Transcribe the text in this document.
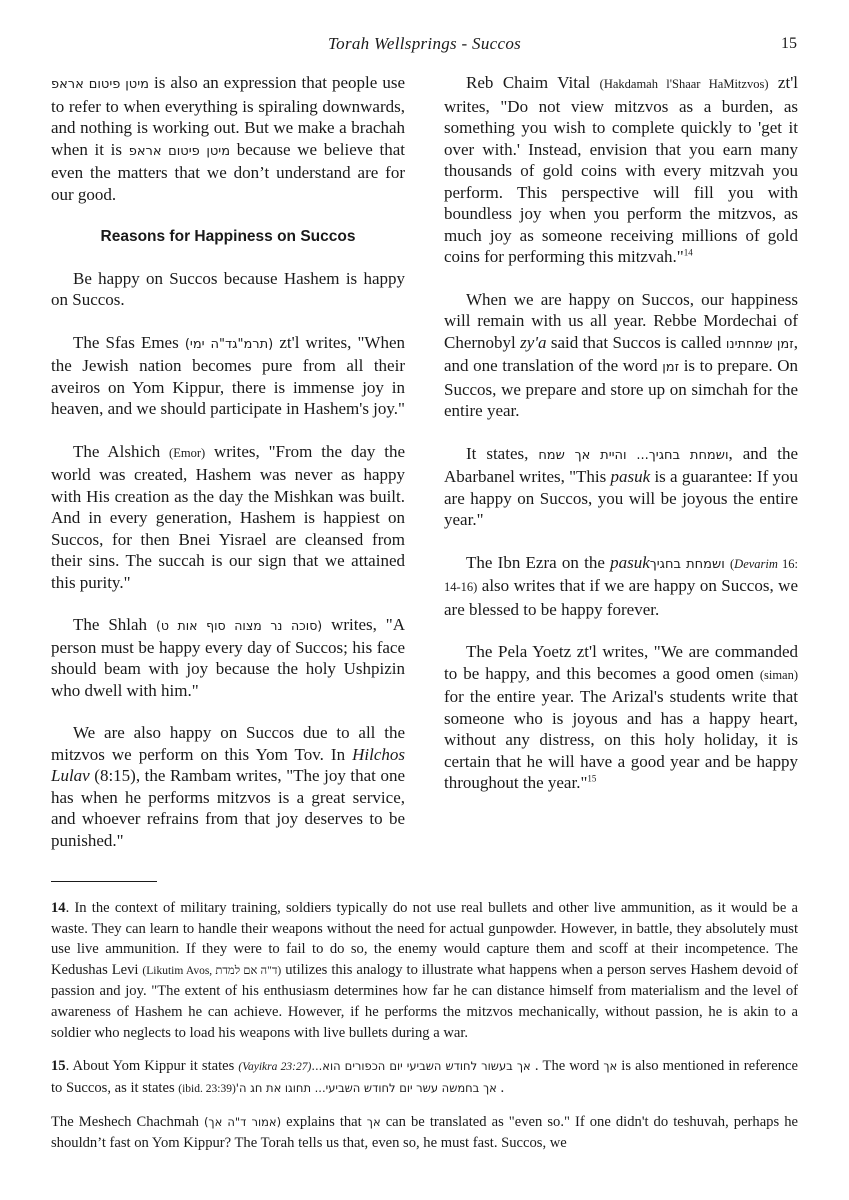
Torah Wellsprings - Succos	15

מיטן פיטום אראפ is also an expression that people use to refer to when everything is spiraling downwards, and nothing is working out. But we make a brachah when it is מיטן פיטום אראפ because we believe that even the matters that we don’t understand are for our good.

Reasons for Happiness on Succos

Be happy on Succos because Hashem is happy on Succos.

The Sfas Emes (תרמ"גד"ה ימי) zt'l writes, "When the Jewish nation becomes pure from all their aveiros on Yom Kippur, there is immense joy in heaven, and we should participate in Hashem's joy."

The Alshich (Emor) writes, "From the day the world was created, Hashem was never as happy with His creation as the day the Mishkan was built. And in every generation, Hashem is happiest on Succos, for then Bnei Yisrael are cleansed from their sins. The succah is our sign that we attained this purity."

The Shlah (סוכה נר מצוה סוף אות ט) writes, "A person must be happy every day of Succos; his face should beam with joy because the holy Ushpizin who dwell with him."

We are also happy on Succos due to all the mitzvos we perform on this Yom Tov. In Hilchos Lulav (8:15), the Rambam writes, "The joy that one has when he performs mitzvos is a great service, and whoever refrains from that joy deserves to be punished."

Reb Chaim Vital (Hakdamah l'Shaar HaMitzvos) zt'l writes, "Do not view mitzvos as a burden, as something you wish to complete quickly to 'get it over with.' Instead, envision that you earn many thousands of gold coins with every mitzvah you perform. This perspective will fill you with boundless joy when you perform the mitzvos, as much joy as someone receiving millions of gold coins for performing this mitzvah."$^{14}$

When we are happy on Succos, our happiness will remain with us all year. Rebbe Mordechai of Chernobyl zy'a said that Succos is called זמן שמחתינו, and one translation of the word זמן is to prepare. On Succos, we prepare and store up on simchah for the entire year.

It states, ושמחת בחגיך... והיית אך שמח, and the Abarbanel writes, "This pasuk is a guarantee: If you are happy on Succos, you will be joyous the entire year."

The Ibn Ezra on the pasukושמחת בחגיך (Devarim 16: 14-16) also writes that if we are happy on Succos, we are blessed to be happy forever.

The Pela Yoetz zt'l writes, "We are commanded to be happy, and this becomes a good omen (siman) for the entire year. The Arizal's students write that someone who is joyous and has a happy heart, without any distress, on this holy holiday, it is certain that he will have a good year and be happy throughout the year."$^{15}$

14. In the context of military training, soldiers typically do not use real bullets and other live ammunition, as it would be a waste. They can learn to handle their weapons without the need for actual gunpowder. However, in battle, they absolutely must use live ammunition. If they were to fail to do so, the enemy would capture them and scoff at their incompetence. The Kedushas Levi (Likutim Avos, ד"ה אם למדת) utilizes this analogy to illustrate what happens when a person serves Hashem devoid of passion and joy. "The extent of his enthusiasm determines how far he can distance himself from materialism and the level of awareness of Hashem he can achieve. However, if he performs the mitzvos mechanically, without passion, he is akin to a soldier who neglects to load his weapons with live bullets during a war.

15. About Yom Kippur it states (Vayikra 23:27) אך בעשור לחודש השביעי יום הכפורים הוא.... The word אך is also mentioned in reference to Succos, as it states (ibid. 23:39) אך בחמשה עשר יום לחודש השביעי... תחוגו את חג ה'.

The Meshech Chachmah (אמור ד"ה אך) explains that אך can be translated as "even so." If one didn't do teshuvah, perhaps he shouldn’t fast on Yom Kippur? The Torah tells us that, even so, he must fast. Succos, we
